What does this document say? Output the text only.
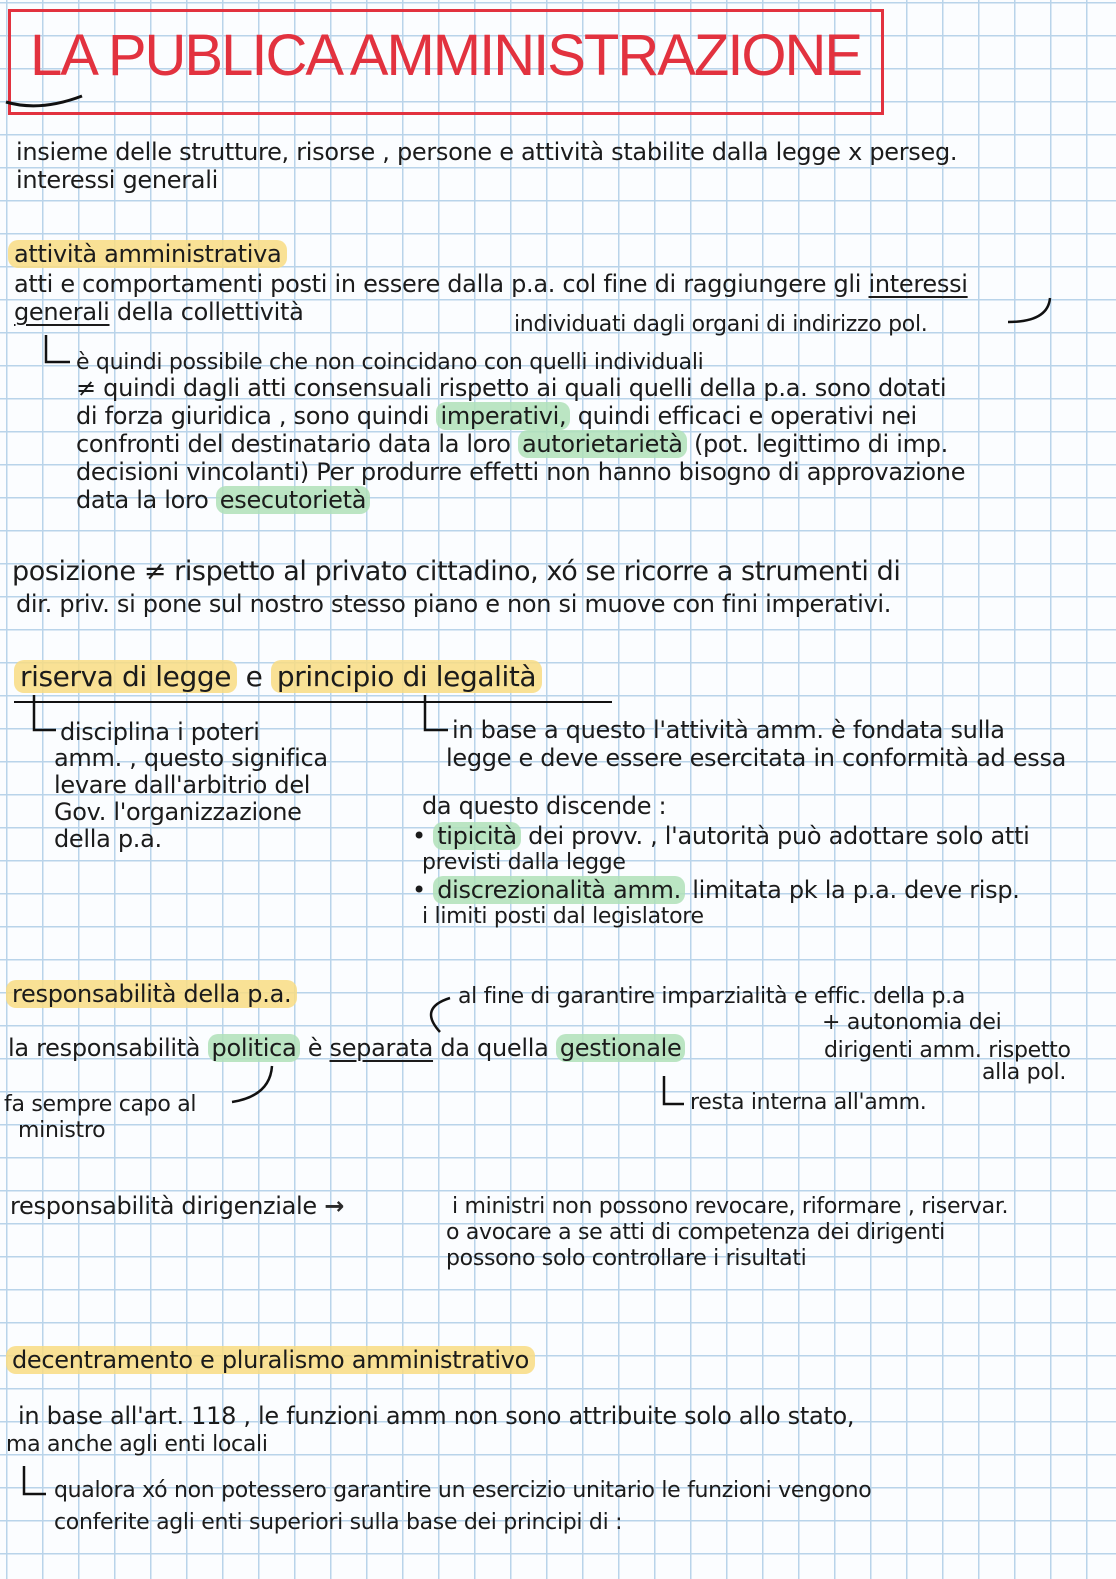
LA PUBLICA AMMINISTRAZIONE
insieme delle strutture, risorse , persone e attività stabilite dalla legge x perseg.
interessi generali
attività amministrativa
atti e comportamenti posti in essere dalla p.a. col fine di raggiungere gli interessi
generali della collettività	individuati dagli organi di indirizzo pol.
è quindi possibile che non coincidano con quelli individuali
≠ quindi dagli atti consensuali rispetto ai quali quelli della p.a. sono dotati
di forza giuridica , sono quindi imperativi, quindi efficaci e operativi nei
confronti del destinatario data la loro autorietarietà (pot. legittimo di imp.
decisioni vincolanti) Per produrre effetti non hanno bisogno di approvazione
data la loro esecutorietà
posizione ≠ rispetto al privato cittadino, xó se ricorre a strumenti di
dir. priv. si pone sul nostro stesso piano e non si muove con fini imperativi.
riserva di legge e principio di legalità
disciplina i poteri
amm. , questo significa
levare dall'arbitrio del
Gov. l'organizzazione
della p.a.
in base a questo l'attività amm. è fondata sulla
legge e deve essere esercitata in conformità ad essa
da questo discende :
• tipicità dei provv. , l'autorità può adottare solo atti
previsti dalla legge
• discrezionalità amm. limitata pk la p.a. deve risp.
i limiti posti dal legislatore
responsabilità della p.a.	al fine di garantire imparzialità e effic. della p.a
+ autonomia dei
la responsabilità politica è separata da quella gestionale	dirigenti amm. rispetto
alla pol.
fa sempre capo al
ministro
resta interna all'amm.
responsabilità dirigenziale →	i ministri non possono revocare, riformare , riservar.
o avocare a se atti di competenza dei dirigenti
possono solo controllare i risultati
decentramento e pluralismo amministrativo
in base all'art. 118 , le funzioni amm non sono attribuite solo allo stato,
ma anche agli enti locali
qualora xó non potessero garantire un esercizio unitario le funzioni vengono
conferite agli enti superiori sulla base dei principi di :
